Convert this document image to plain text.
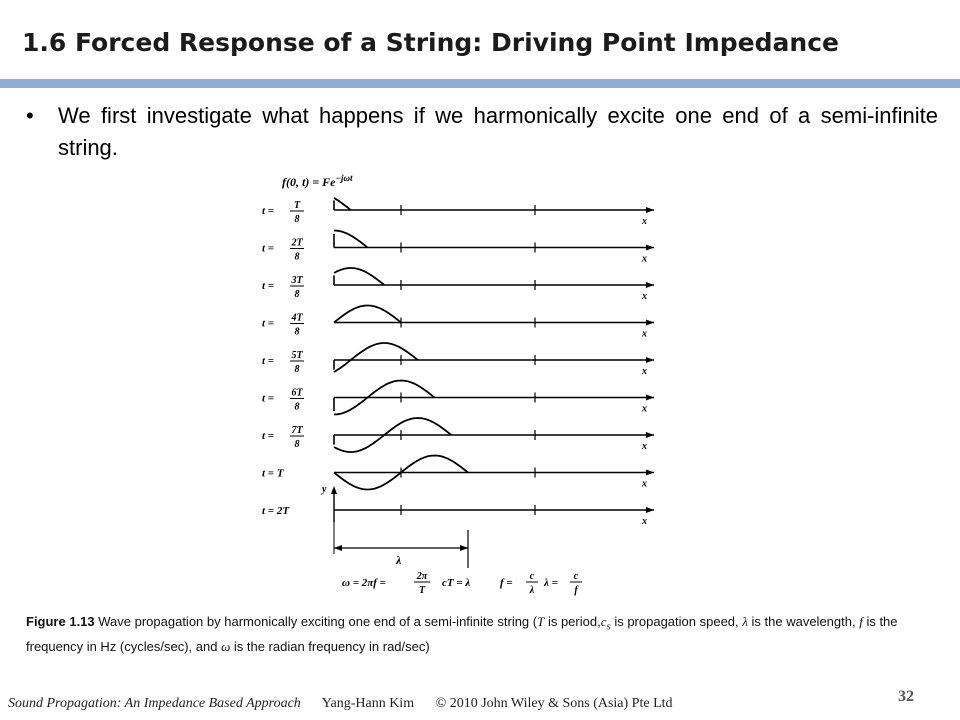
1.6 Forced Response of a String: Driving Point Impedance
• We first investigate what happens if we harmonically excite one end of a semi-infinite string.
f(0, $t) = Fe^{-j\omega t}$
t = T
8	x
t = 2T
8	x
t = 3T
8	x
t = 4T
8	x
t = 5T
8	x
t = 6T
8	x
t = 7T
8	x
t = T
x
t = 2T
x
y
λ
ω = 2πf =
2π
T
cT = λ	f =
c
λ
λ =
c
f
Figure 1.13 Wave propagation by harmonically exciting one end of a semi-infinite string (T is $period,c_s$ is propagation speed, λ is the wavelength, f is the frequency in Hz (cycles/sec), and ω is the radian frequency in rad/sec)
Sound Propagation: An Impedance Based Approach Yang-Hann Kim © 2010 John Wiley & Sons (Asia) Pte Ltd	32
